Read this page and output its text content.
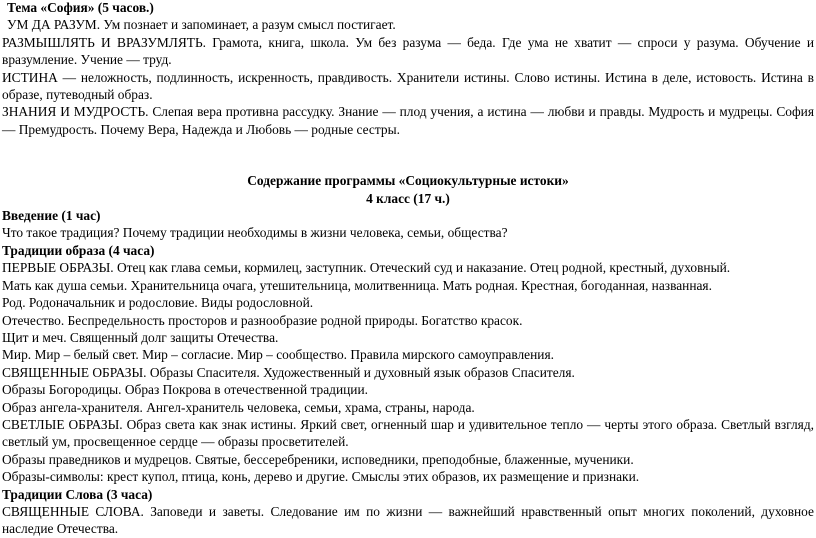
Тема «София» (5 часов.)

УМ ДА РАЗУМ. Ум познает и запоминает, а разум смысл постигает.

РАЗМЫШЛЯТЬ И ВРАЗУМЛЯТЬ. Грамота, книга, школа. Ум без разума — беда. Где ума не хватит — спроси у разума. Обучение и вразумление. Учение — труд.

ИСТИНА — неложность, подлинность, искренность, правдивость. Хранители истины. Слово истины. Истина в деле, истовость. Истина в образе, путеводный образ.

ЗНАНИЯ И МУДРОСТЬ. Слепая вера противна рассудку. Знание — плод учения, а истина — любви и правды. Мудрость и мудрецы. София — Премудрость. Почему Вера, Надежда и Любовь — родные сестры.

Содержание программы «Социокультурные истоки»

4 класс (17 ч.)

Введение (1 час)

Что такое традиция? Почему традиции необходимы в жизни человека, семьи, общества?

Традиции образа (4 часа)

ПЕРВЫЕ ОБРАЗЫ. Отец как глава семьи, кормилец, заступник. Отеческий суд и наказание. Отец родной, крестный, духовный.

Мать как душа семьи. Хранительница очага, утешительница, молитвенница. Мать родная. Крестная, богоданная, названная.

Род. Родоначальник и родословие. Виды родословной.

Отечество. Беспредельность просторов и разнообразие родной природы. Богатство красок.

Щит и меч. Священный долг защиты Отечества.

Мир. Мир – белый свет. Мир – согласие. Мир – сообщество. Правила мирского самоуправления.

СВЯЩЕННЫЕ ОБРАЗЫ. Образы Спасителя. Художественный и духовный язык образов Спасителя.

Образы Богородицы. Образ Покрова в отечественной традиции.

Образ ангела-хранителя. Ангел-хранитель человека, семьи, храма, страны, народа.

СВЕТЛЫЕ ОБРАЗЫ. Образ света как знак истины. Яркий свет, огненный шар и удивительное тепло — черты этого образа. Светлый взгляд, светлый ум, просвещенное сердце — образы просветителей.

Образы праведников и мудрецов. Святые, бессеребреники, исповедники, преподобные, блаженные, мученики.

Образы-символы: крест купол, птица, конь, дерево и другие. Смыслы этих образов, их размещение и признаки.

Традиции Слова (3 часа)

СВЯЩЕННЫЕ СЛОВА. Заповеди и заветы. Следование им по жизни — важнейший нравственный опыт многих поколений, духовное наследие Отечества.
